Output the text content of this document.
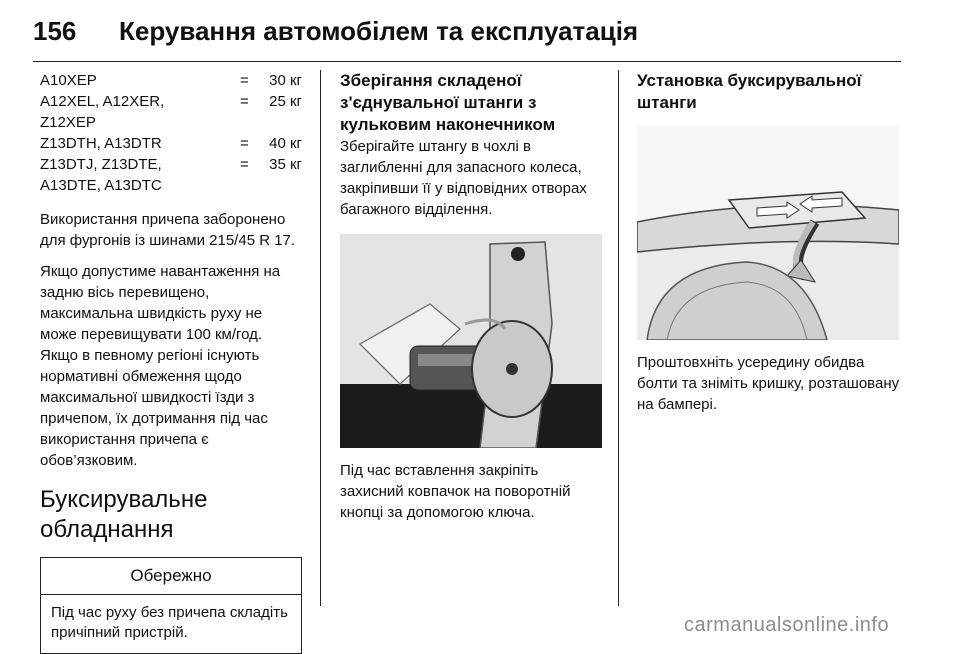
156 Керування автомобілем та експлуатація
A10XEP	=	30 кг
A12XEL, A12XER,	=	25 кг
Z12XEP
Z13DTH, A13DTR	=	40 кг
Z13DTJ, Z13DTE,	=	35 кг
A13DTE, A13DTC

Використання причепа заборонено для фургонів із шинами 215/45 R 17.

Якщо допустиме навантаження на задню вісь перевищено, максимальна швидкість руху не може перевищувати 100 км/год. Якщо в певному регіоні існують нормативні обмеження щодо максимальної швидкості їзди з причепом, їх дотримання під час використання причепа є обов’язковим.

Буксирувальне обладнання
Обережно
Під час руху без причепа складіть причіпний пристрій.
Зберігання складеної з'єднувальної штанги з кульковим наконечником

Зберігайте штангу в чохлі в заглибленні для запасного колеса, закріпивши її у відповідних отворах багажного відділення.

Під час вставлення закріпіть захисний ковпачок на поворотній кнопці за допомогою ключа.

Установка буксирувальної штанги

Проштовхніть усередину обидва болти та зніміть кришку, розташовану на бампері.

carmanualsonline.info
